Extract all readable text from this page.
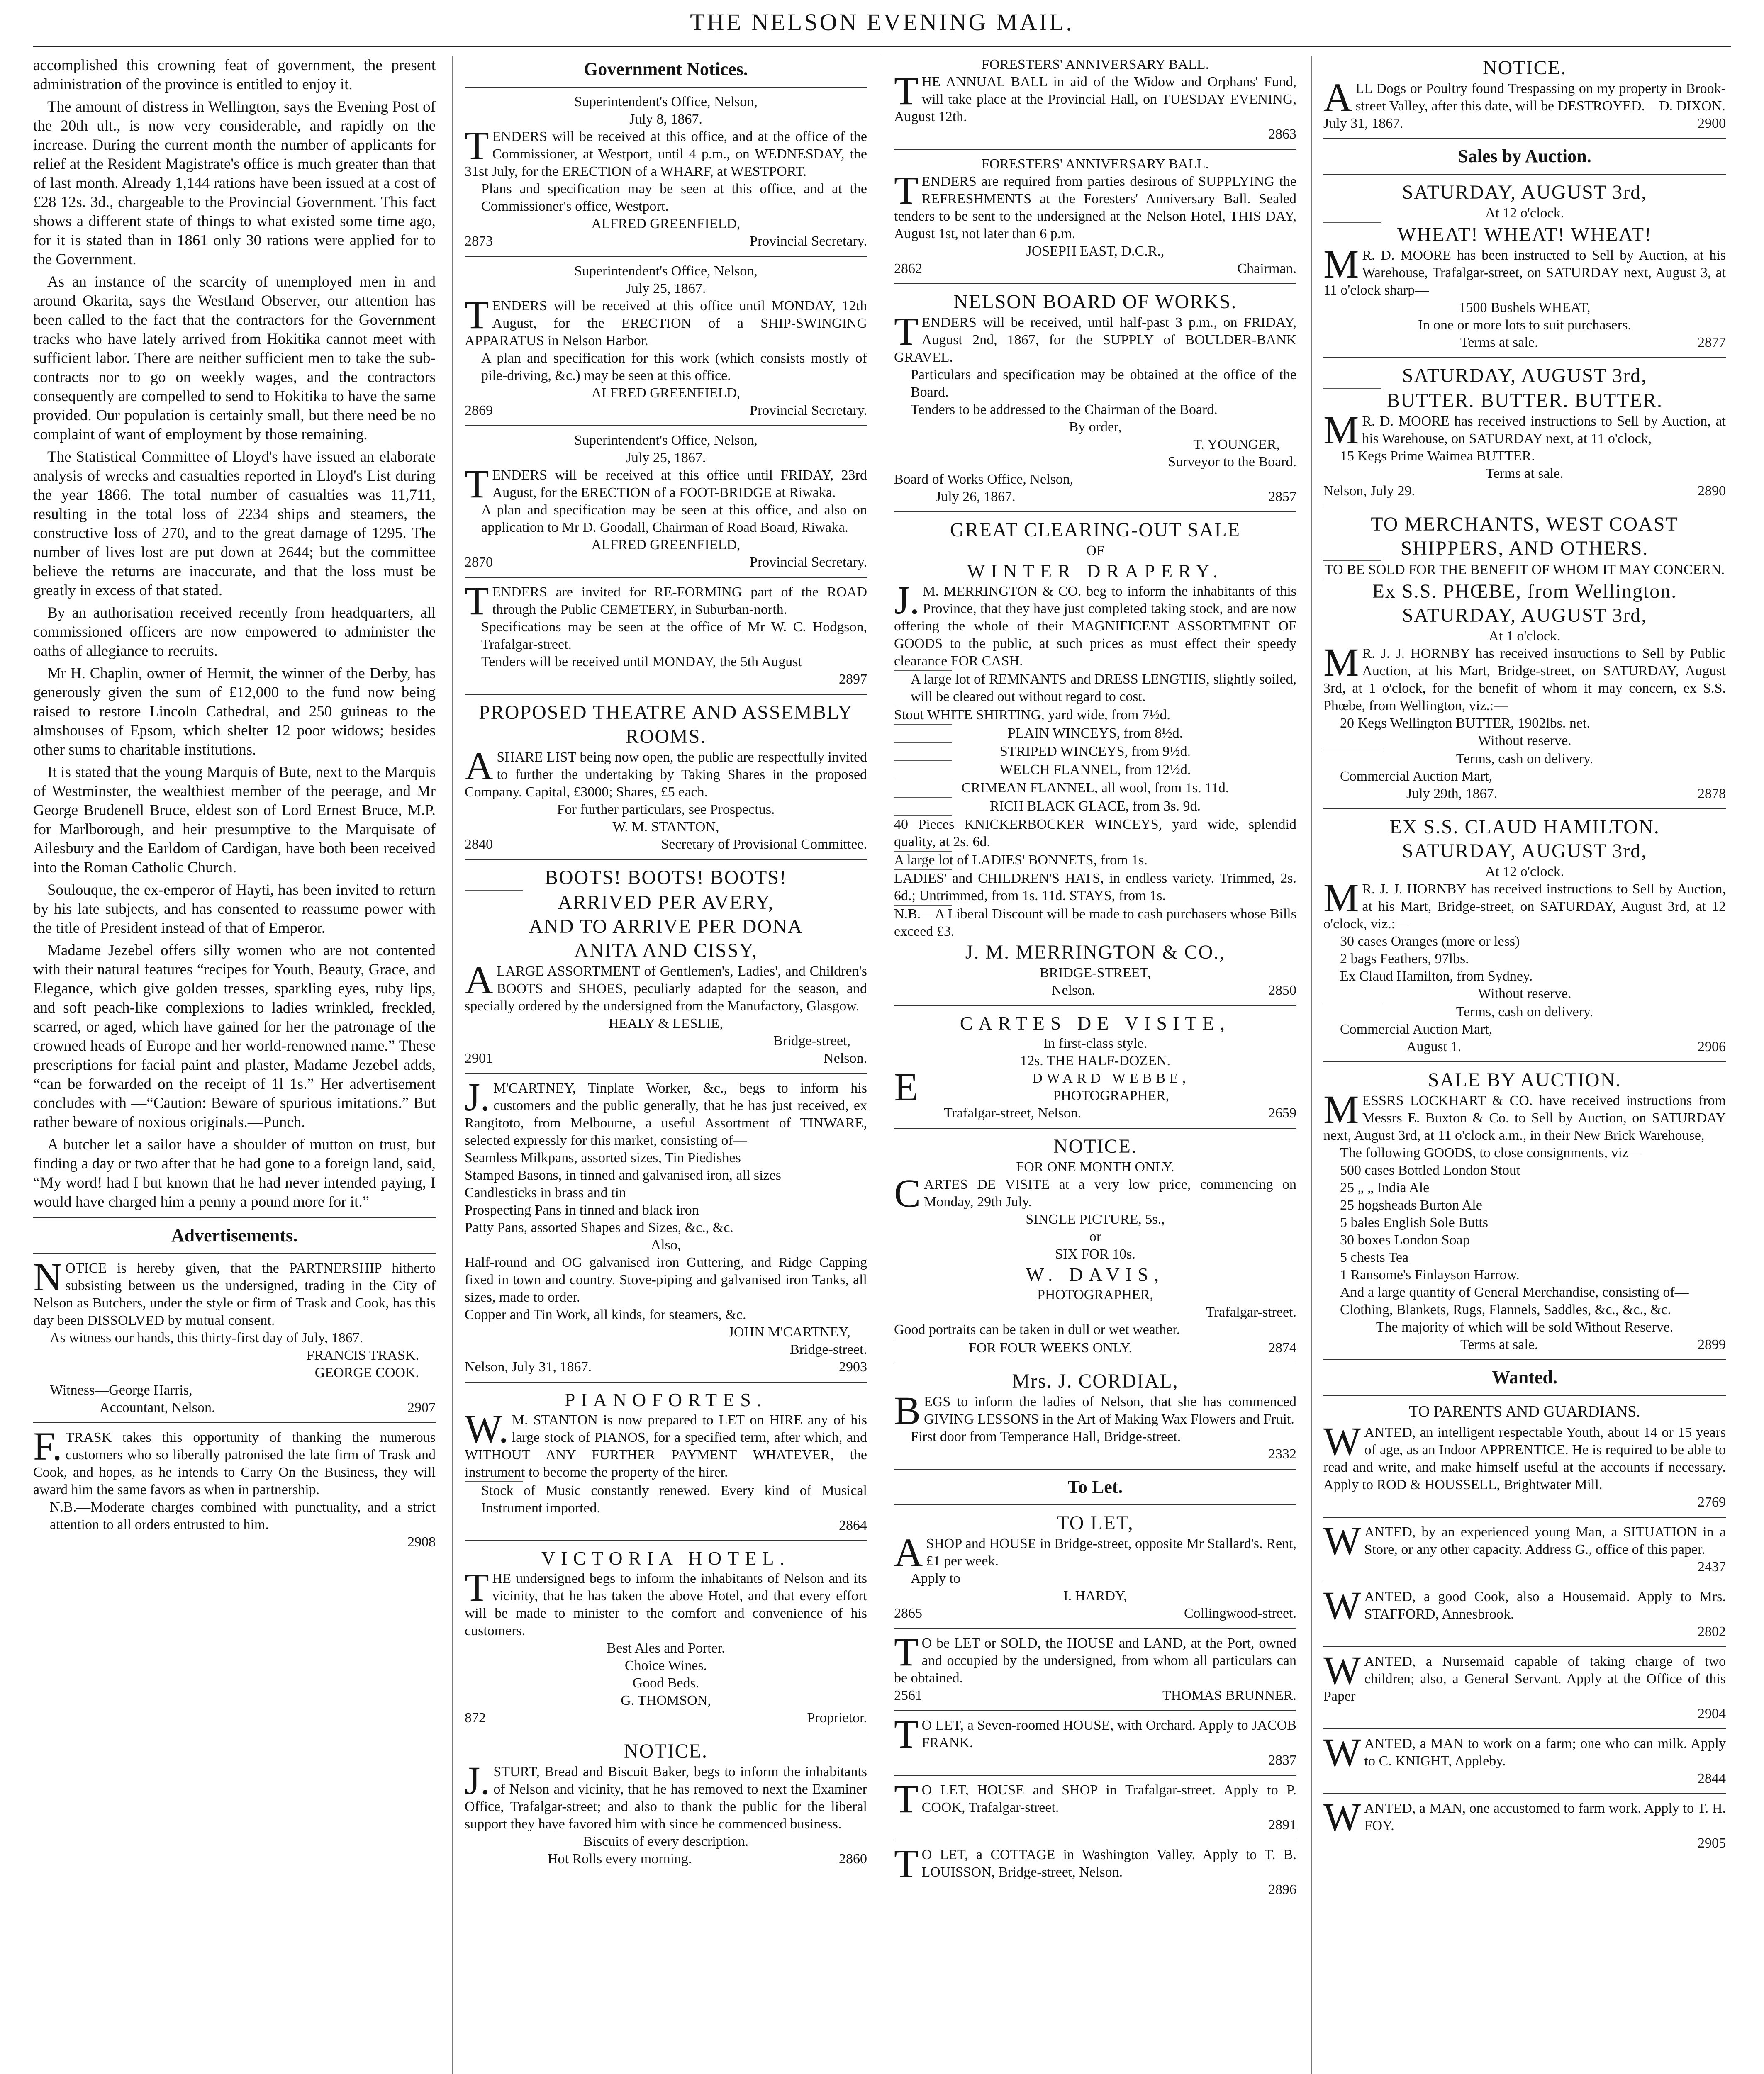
THE NELSON EVENING MAIL.

accomplished this crowning feat of government, the present administration of the province is entitled to enjoy it.

The amount of distress in Wellington, says the Evening Post of the 20th ult., is now very considerable, and rapidly on the increase. During the current month the number of applicants for relief at the Resident Magistrate's office is much greater than that of last month. Already 1,144 rations have been issued at a cost of £28 12s. 3d., chargeable to the Provincial Government. This fact shows a different state of things to what existed some time ago, for it is stated than in 1861 only 30 rations were applied for to the Government.

As an instance of the scarcity of unemployed men in and around Okarita, says the Westland Observer, our attention has been called to the fact that the contractors for the Government tracks who have lately arrived from Hokitika cannot meet with sufficient labor. There are neither sufficient men to take the sub-contracts nor to go on weekly wages, and the contractors consequently are compelled to send to Hokitika to have the same provided. Our population is certainly small, but there need be no complaint of want of employment by those remaining.

The Statistical Committee of Lloyd's have issued an elaborate analysis of wrecks and casualties reported in Lloyd's List during the year 1866. The total number of casualties was 11,711, resulting in the total loss of 2234 ships and steamers, the constructive loss of 270, and to the great damage of 1295. The number of lives lost are put down at 2644; but the committee believe the returns are inaccurate, and that the loss must be greatly in excess of that stated.

By an authorisation received recently from headquarters, all commissioned officers are now empowered to administer the oaths of allegiance to recruits.

Mr H. Chaplin, owner of Hermit, the winner of the Derby, has generously given the sum of £12,000 to the fund now being raised to restore Lincoln Cathedral, and 250 guineas to the almshouses of Epsom, which shelter 12 poor widows; besides other sums to charitable institutions.

It is stated that the young Marquis of Bute, next to the Marquis of Westminster, the wealthiest member of the peerage, and Mr George Brudenell Bruce, eldest son of Lord Ernest Bruce, M.P. for Marlborough, and heir presumptive to the Marquisate of Ailesbury and the Earldom of Cardigan, have both been received into the Roman Catholic Church.

Soulouque, the ex-emperor of Hayti, has been invited to return by his late subjects, and has consented to reassume power with the title of President instead of that of Emperor.

Madame Jezebel offers silly women who are not contented with their natural features “recipes for Youth, Beauty, Grace, and Elegance, which give golden tresses, sparkling eyes, ruby lips, and soft peach-like complexions to ladies wrinkled, freckled, scarred, or aged, which have gained for her the patronage of the crowned heads of Europe and her world-renowned name.” These prescriptions for facial paint and plaster, Madame Jezebel adds, “can be forwarded on the receipt of 1l 1s.” Her advertisement concludes with —“Caution: Beware of spurious imitations.” But rather beware of noxious originals.—Punch.

A butcher let a sailor have a shoulder of mutton on trust, but finding a day or two after that he had gone to a foreign land, said, “My word! had I but known that he had never intended paying, I would have charged him a penny a pound more for it.”

Advertisements.

NOTICE is hereby given, that the PARTNERSHIP hitherto subsisting between us the undersigned, trading in the City of Nelson as Butchers, under the style or firm of Trask and Cook, has this day been DISSOLVED by mutual consent.

As witness our hands, this thirty-first day of July, 1867.

FRANCIS TRASK.

GEORGE COOK.

Witness—George Harris,

Accountant, Nelson.	2907

F. TRASK takes this opportunity of thanking the numerous customers who so liberally patronised the late firm of Trask and Cook, and hopes, as he intends to Carry On the Business, they will award him the same favors as when in partnership.

N.B.—Moderate charges combined with punctuality, and a strict attention to all orders entrusted to him.

2908

Government Notices.

Superintendent's Office, Nelson,

July 8, 1867.

TENDERS will be received at this office, and at the office of the Commissioner, at Westport, until 4 p.m., on WEDNESDAY, the 31st July, for the ERECTION of a WHARF, at WESTPORT.

Plans and specification may be seen at this office, and at the Commissioner's office, Westport.

ALFRED GREENFIELD,

2873	Provincial Secretary.

Superintendent's Office, Nelson,

July 25, 1867.

TENDERS will be received at this office until MONDAY, 12th August, for the ERECTION of a SHIP-SWINGING APPARATUS in Nelson Harbor.

A plan and specification for this work (which consists mostly of pile-driving, &c.) may be seen at this office.

ALFRED GREENFIELD,

2869	Provincial Secretary.

Superintendent's Office, Nelson,

July 25, 1867.

TENDERS will be received at this office until FRIDAY, 23rd August, for the ERECTION of a FOOT-BRIDGE at Riwaka.

A plan and specification may be seen at this office, and also on application to Mr D. Goodall, Chairman of Road Board, Riwaka.

ALFRED GREENFIELD,

2870	Provincial Secretary.

TENDERS are invited for RE-FORMING part of the ROAD through the Public CEMETERY, in Suburban-north.

Specifications may be seen at the office of Mr W. C. Hodgson, Trafalgar-street.

Tenders will be received until MONDAY, the 5th August

2897

PROPOSED THEATRE AND ASSEMBLY ROOMS.

ASHARE LIST being now open, the public are respectfully invited to further the undertaking by Taking Shares in the proposed Company. Capital, £3000; Shares, £5 each.

For further particulars, see Prospectus.

W. M. STANTON,

2840	Secretary of Provisional Committee.

BOOTS! BOOTS! BOOTS!

ARRIVED PER AVERY,

AND TO ARRIVE PER DONA

ANITA AND CISSY,

ALARGE ASSORTMENT of Gentlemen's, Ladies', and Children's BOOTS and SHOES, peculiarly adapted for the season, and specially ordered by the undersigned from the Manufactory, Glasgow.

HEALY & LESLIE,

Bridge-street,

2901	Nelson.

J. M'CARTNEY, Tinplate Worker, &c., begs to inform his customers and the public generally, that he has just received, ex Rangitoto, from Melbourne, a useful Assortment of TINWARE, selected expressly for this market, consisting of—

Seamless Milkpans, assorted sizes, Tin Piedishes

Stamped Basons, in tinned and galvanised iron, all sizes

Candlesticks in brass and tin

Prospecting Pans in tinned and black iron

Patty Pans, assorted Shapes and Sizes, &c., &c.

Also,

Half-round and OG galvanised iron Guttering, and Ridge Capping fixed in town and country. Stove-piping and galvanised iron Tanks, all sizes, made to order.

Copper and Tin Work, all kinds, for steamers, &c.

JOHN M'CARTNEY,

Bridge-street.

Nelson, July 31, 1867.	2903

PIANOFORTES.

W. M. STANTON is now prepared to LET on HIRE any of his large stock of PIANOS, for a specified term, after which, and WITHOUT ANY FURTHER PAYMENT WHATEVER, the instrument to become the property of the hirer.

Stock of Music constantly renewed. Every kind of Musical Instrument imported.

2864

VICTORIA HOTEL.

THE undersigned begs to inform the inhabitants of Nelson and its vicinity, that he has taken the above Hotel, and that every effort will be made to minister to the comfort and convenience of his customers.

Best Ales and Porter.

Choice Wines.

Good Beds.

G. THOMSON,

872	Proprietor.

NOTICE.

J. STURT, Bread and Biscuit Baker, begs to inform the inhabitants of Nelson and vicinity, that he has removed to next the Examiner Office, Trafalgar-street; and also to thank the public for the liberal support they have favored him with since he commenced business.

Biscuits of every description.

Hot Rolls every morning.	2860

FORESTERS' ANNIVERSARY BALL.

THE ANNUAL BALL in aid of the Widow and Orphans' Fund, will take place at the Provincial Hall, on TUESDAY EVENING, August 12th.

2863

FORESTERS' ANNIVERSARY BALL.

TENDERS are required from parties desirous of SUPPLYING the REFRESHMENTS at the Foresters' Anniversary Ball. Sealed tenders to be sent to the undersigned at the Nelson Hotel, THIS DAY, August 1st, not later than 6 p.m.

JOSEPH EAST, D.C.R.,

2862	Chairman.

NELSON BOARD OF WORKS.

TENDERS will be received, until half-past 3 p.m., on FRIDAY, August 2nd, 1867, for the SUPPLY of BOULDER-BANK GRAVEL.

Particulars and specification may be obtained at the office of the Board.

Tenders to be addressed to the Chairman of the Board.

By order,

T. YOUNGER,

Surveyor to the Board.

Board of Works Office, Nelson,

July 26, 1867.	2857

GREAT CLEARING-OUT SALE

OF

WINTER DRAPERY.

J. M. MERRINGTON & CO. beg to inform the inhabitants of this Province, that they have just completed taking stock, and are now offering the whole of their MAGNIFICENT ASSORTMENT OF GOODS to the public, at such prices as must effect their speedy clearance FOR CASH.

A large lot of REMNANTS and DRESS LENGTHS, slightly soiled, will be cleared out without regard to cost.

Stout WHITE SHIRTING, yard wide, from 7½d.

PLAIN WINCEYS, from 8½d.

STRIPED WINCEYS, from 9½d.

WELCH FLANNEL, from 12½d.

CRIMEAN FLANNEL, all wool, from 1s. 11d.

RICH BLACK GLACE, from 3s. 9d.

40 Pieces KNICKERBOCKER WINCEYS, yard wide, splendid quality, at 2s. 6d.

A large lot of LADIES' BONNETS, from 1s.

LADIES' and CHILDREN'S HATS, in endless variety. Trimmed, 2s. 6d.; Untrimmed, from 1s. 11d. STAYS, from 1s.

N.B.—A Liberal Discount will be made to cash purchasers whose Bills exceed £3.

J. M. MERRINGTON & CO.,

BRIDGE-STREET,

Nelson.	2850

CARTES DE VISITE,

In first-class style.

12s. THE HALF-DOZEN.

E	DWARD WEBBE,

PHOTOGRAPHER,

Trafalgar-street, Nelson.	2659

NOTICE.

FOR ONE MONTH ONLY.

CARTES DE VISITE at a very low price, commencing on Monday, 29th July.

SINGLE PICTURE, 5s.,

or

SIX FOR 10s.

W. DAVIS,

PHOTOGRAPHER,

Trafalgar-street.

Good portraits can be taken in dull or wet weather.

FOR FOUR WEEKS ONLY.	2874

Mrs. J. CORDIAL,

BEGS to inform the ladies of Nelson, that she has commenced GIVING LESSONS in the Art of Making Wax Flowers and Fruit.

First door from Temperance Hall, Bridge-street.

2332

To Let.

TO LET,

ASHOP and HOUSE in Bridge-street, opposite Mr Stallard's. Rent, £1 per week.

Apply to

I. HARDY,

2865	Collingwood-street.

T O be LET or SOLD, the HOUSE and LAND, at the Port, owned and occupied by the undersigned, from whom all particulars can be obtained.

2561	THOMAS BRUNNER.

T O LET, a Seven-roomed HOUSE, with Orchard. Apply to JACOB FRANK.

2837

T O LET, HOUSE and SHOP in Trafalgar-street. Apply to P. COOK, Trafalgar-street.

2891

T O LET, a COTTAGE in Washington Valley. Apply to T. B. LOUISSON, Bridge-street, Nelson.

2896

NOTICE.

ALL Dogs or Poultry found Trespassing on my property in Brook-street Valley, after this date, will be DESTROYED.—D. DIXON.

July 31, 1867.	2900
Sales by Auction.

SATURDAY, AUGUST 3rd,

At 12 o'clock.

WHEAT! WHEAT! WHEAT!

M R. D. MOORE has been instructed to Sell by Auction, at his Warehouse, Trafalgar-street, on SATURDAY next, August 3, at 11 o'clock sharp—

1500 Bushels WHEAT,

In one or more lots to suit purchasers.

Terms at sale.	2877

SATURDAY, AUGUST 3rd,

BUTTER. BUTTER. BUTTER.

M R. D. MOORE has received instructions to Sell by Auction, at his Warehouse, on SATURDAY next, at 11 o'clock,

15 Kegs Prime Waimea BUTTER.

Terms at sale.

Nelson, July 29.	2890

TO MERCHANTS, WEST COAST SHIPPERS, AND OTHERS.

TO BE SOLD FOR THE BENEFIT OF WHOM IT MAY CONCERN.

Ex S.S. PHŒBE, from Wellington.

SATURDAY, AUGUST 3rd,

At 1 o'clock.

M R. J. J. HORNBY has received instructions to Sell by Public Auction, at his Mart, Bridge-street, on SATURDAY, August 3rd, at 1 o'clock, for the benefit of whom it may concern, ex S.S. Phœbe, from Wellington, viz.:—

20 Kegs Wellington BUTTER, 1902lbs. net.

Without reserve.

Terms, cash on delivery.

Commercial Auction Mart,

July 29th, 1867.	2878

EX S.S. CLAUD HAMILTON.

SATURDAY, AUGUST 3rd,

At 12 o'clock.

M R. J. J. HORNBY has received instructions to Sell by Auction, at his Mart, Bridge-street, on SATURDAY, August 3rd, at 12 o'clock, viz.:—

30 cases Oranges (more or less)

2 bags Feathers, 97lbs.

Ex Claud Hamilton, from Sydney.

Without reserve.

Terms, cash on delivery.

Commercial Auction Mart,

August 1.	2906

SALE BY AUCTION.

MESSRS LOCKHART & CO. have received instructions from Messrs E. Buxton & Co. to Sell by Auction, on SATURDAY next, August 3rd, at 11 o'clock a.m., in their New Brick Warehouse,

The following GOODS, to close consignments, viz—

500 cases Bottled London Stout

25 „ „ India Ale

25 hogsheads Burton Ale

5 bales English Sole Butts

30 boxes London Soap

5 chests Tea

1 Ransome's Finlayson Harrow.

And a large quantity of General Merchandise, consisting of—

Clothing, Blankets, Rugs, Flannels, Saddles, &c., &c., &c.

The majority of which will be sold Without Reserve.

Terms at sale.	2899
Wanted.

TO PARENTS AND GUARDIANS.

WANTED, an intelligent respectable Youth, about 14 or 15 years of age, as an Indoor APPRENTICE. He is required to be able to read and write, and make himself useful at the accounts if necessary. Apply to ROD & HOUSSELL, Brightwater Mill.

2769

WANTED, by an experienced young Man, a SITUATION in a Store, or any other capacity. Address G., office of this paper.

2437

WANTED, a good Cook, also a Housemaid. Apply to Mrs. STAFFORD, Annesbrook.

2802

WANTED, a Nursemaid capable of taking charge of two children; also, a General Servant. Apply at the Office of this Paper

2904

WANTED, a MAN to work on a farm; one who can milk. Apply to C. KNIGHT, Appleby.

2844

WANTED, a MAN, one accustomed to farm work. Apply to T. H. FOY.

2905
